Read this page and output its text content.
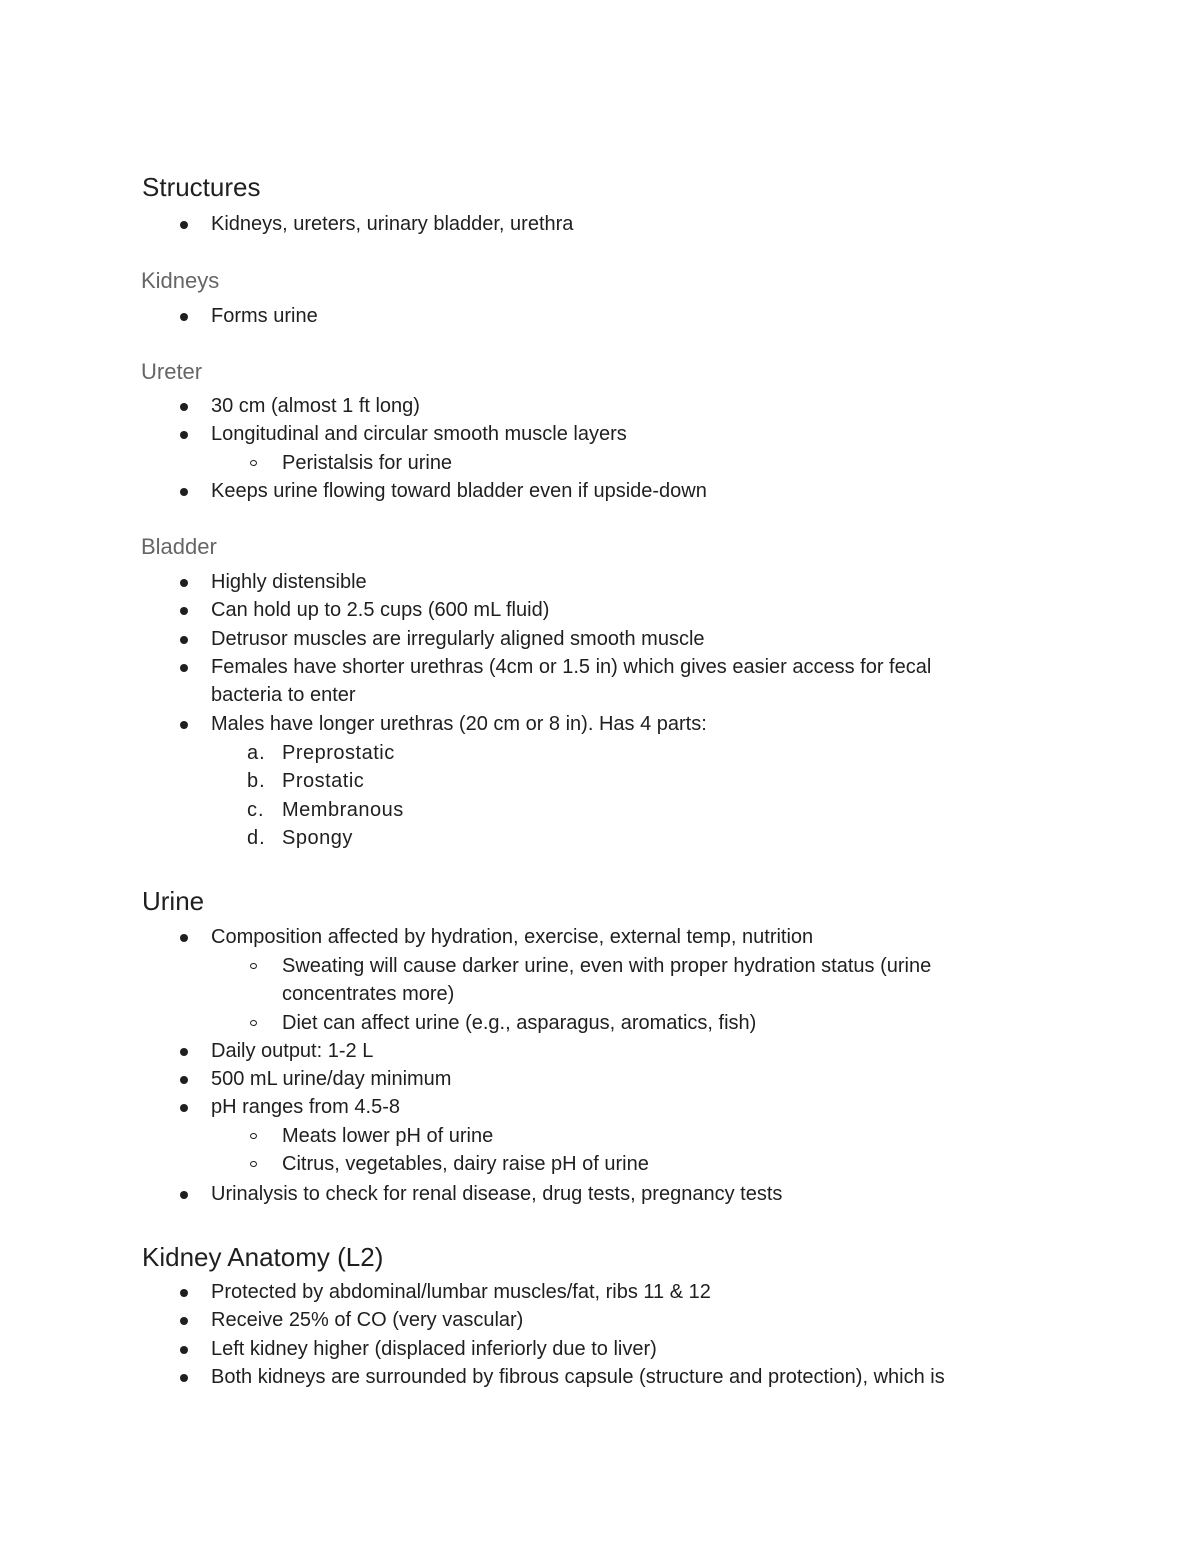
Structures
Kidneys, ureters, urinary bladder, urethra
Kidneys
Forms urine
Ureter
30 cm (almost 1 ft long)
Longitudinal and circular smooth muscle layers
Peristalsis for urine
Keeps urine flowing toward bladder even if upside-down
Bladder
Highly distensible
Can hold up to 2.5 cups (600 mL fluid)
Detrusor muscles are irregularly aligned smooth muscle
Females have shorter urethras (4cm or 1.5 in) which gives easier access for fecal
bacteria to enter
Males have longer urethras (20 cm or 8 in). Has 4 parts:
a. Preprostatic
b. Prostatic
c. Membranous
d. Spongy
Urine
Composition affected by hydration, exercise, external temp, nutrition
Sweating will cause darker urine, even with proper hydration status (urine
concentrates more)
Diet can affect urine (e.g., asparagus, aromatics, fish)
Daily output: 1-2 L
500 mL urine/day minimum
pH ranges from 4.5-8
Meats lower pH of urine
Citrus, vegetables, dairy raise pH of urine
Urinalysis to check for renal disease, drug tests, pregnancy tests
Kidney Anatomy (L2)
Protected by abdominal/lumbar muscles/fat, ribs 11 & 12
Receive 25% of CO (very vascular)
Left kidney higher (displaced inferiorly due to liver)
Both kidneys are surrounded by fibrous capsule (structure and protection), which is
